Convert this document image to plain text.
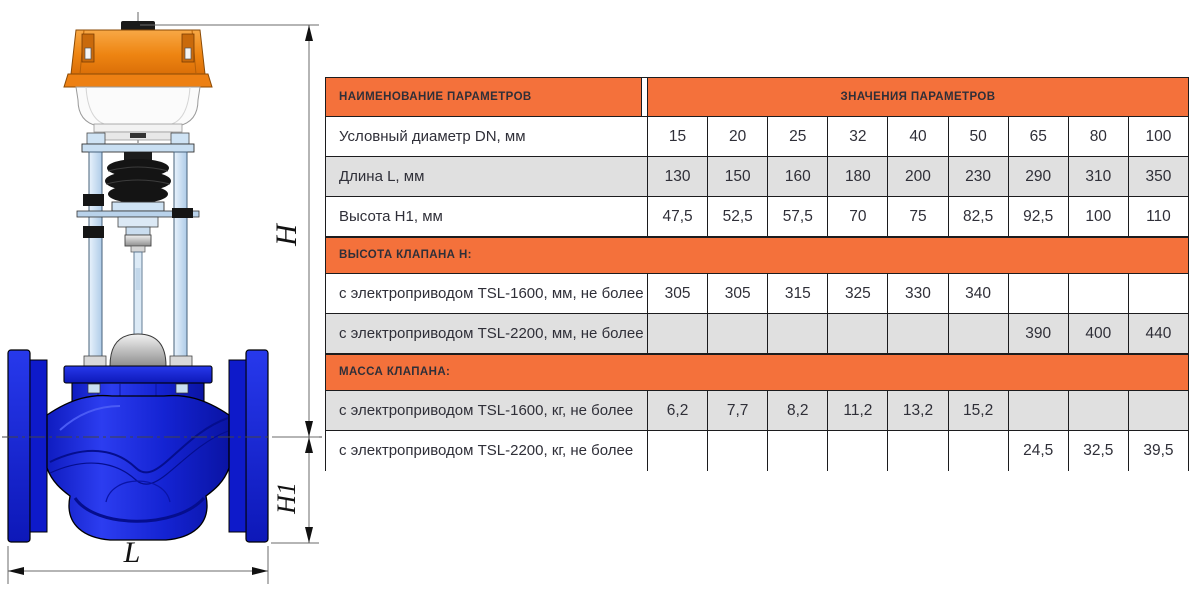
H
H1
L
НАИМЕНОВАНИЕ ПАРАМЕТРОВ		ЗНАЧЕНИЯ ПАРАМЕТРОВ								
Условный диаметр DN, мм		15	20	25	32	40	50	65	80	100
Длина L, мм		130	150	160	180	200	230	290	310	350
Высота H1, мм		47,5	52,5	57,5	70	75	82,5	92,5	100	110
ВЫСОТА КЛАПАНА H:										
с электроприводом TSL-1600, мм, не более		305	305	315	325	330	340			
с электроприводом TSL-2200, мм, не более								390	400	440
МАССА КЛАПАНА:										
с электроприводом TSL-1600, кг, не более		6,2	7,7	8,2	11,2	13,2	15,2			
с электроприводом TSL-2200, кг, не более								24,5	32,5	39,5
